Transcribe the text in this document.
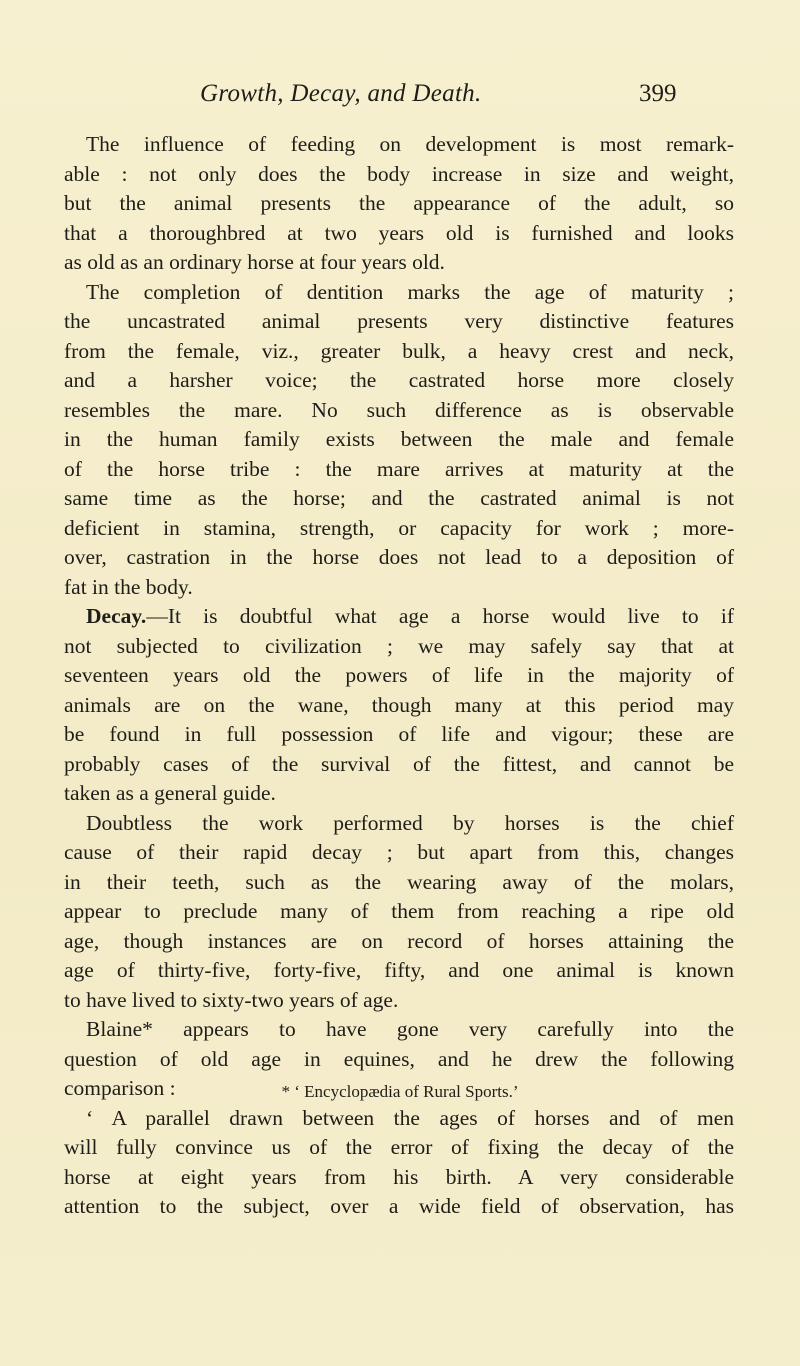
Growth, Decay, and Death.	399
The influence of feeding on development is most remark-
able : not only does the body increase in size and weight,
but the animal presents the appearance of the adult, so
that a thoroughbred at two years old is furnished and looks
as old as an ordinary horse at four years old.
The completion of dentition marks the age of maturity ;
the uncastrated animal presents very distinctive features
from the female, viz., greater bulk, a heavy crest and neck,
and a harsher voice; the castrated horse more closely
resembles the mare. No such difference as is observable
in the human family exists between the male and female
of the horse tribe : the mare arrives at maturity at the
same time as the horse; and the castrated animal is not
deficient in stamina, strength, or capacity for work ; more-
over, castration in the horse does not lead to a deposition of
fat in the body.
Decay.—It is doubtful what age a horse would live to if
not subjected to civilization ; we may safely say that at
seventeen years old the powers of life in the majority of
animals are on the wane, though many at this period may
be found in full possession of life and vigour; these are
probably cases of the survival of the fittest, and cannot be
taken as a general guide.
Doubtless the work performed by horses is the chief
cause of their rapid decay ; but apart from this, changes
in their teeth, such as the wearing away of the molars,
appear to preclude many of them from reaching a ripe old
age, though instances are on record of horses attaining the
age of thirty-five, forty-five, fifty, and one animal is known
to have lived to sixty-two years of age.
Blaine* appears to have gone very carefully into the
question of old age in equines, and he drew the following
comparison :
‘ A parallel drawn between the ages of horses and of men
will fully convince us of the error of fixing the decay of the
horse at eight years from his birth. A very considerable
attention to the subject, over a wide field of observation, has
* ‘ Encyclopædia of Rural Sports.’
